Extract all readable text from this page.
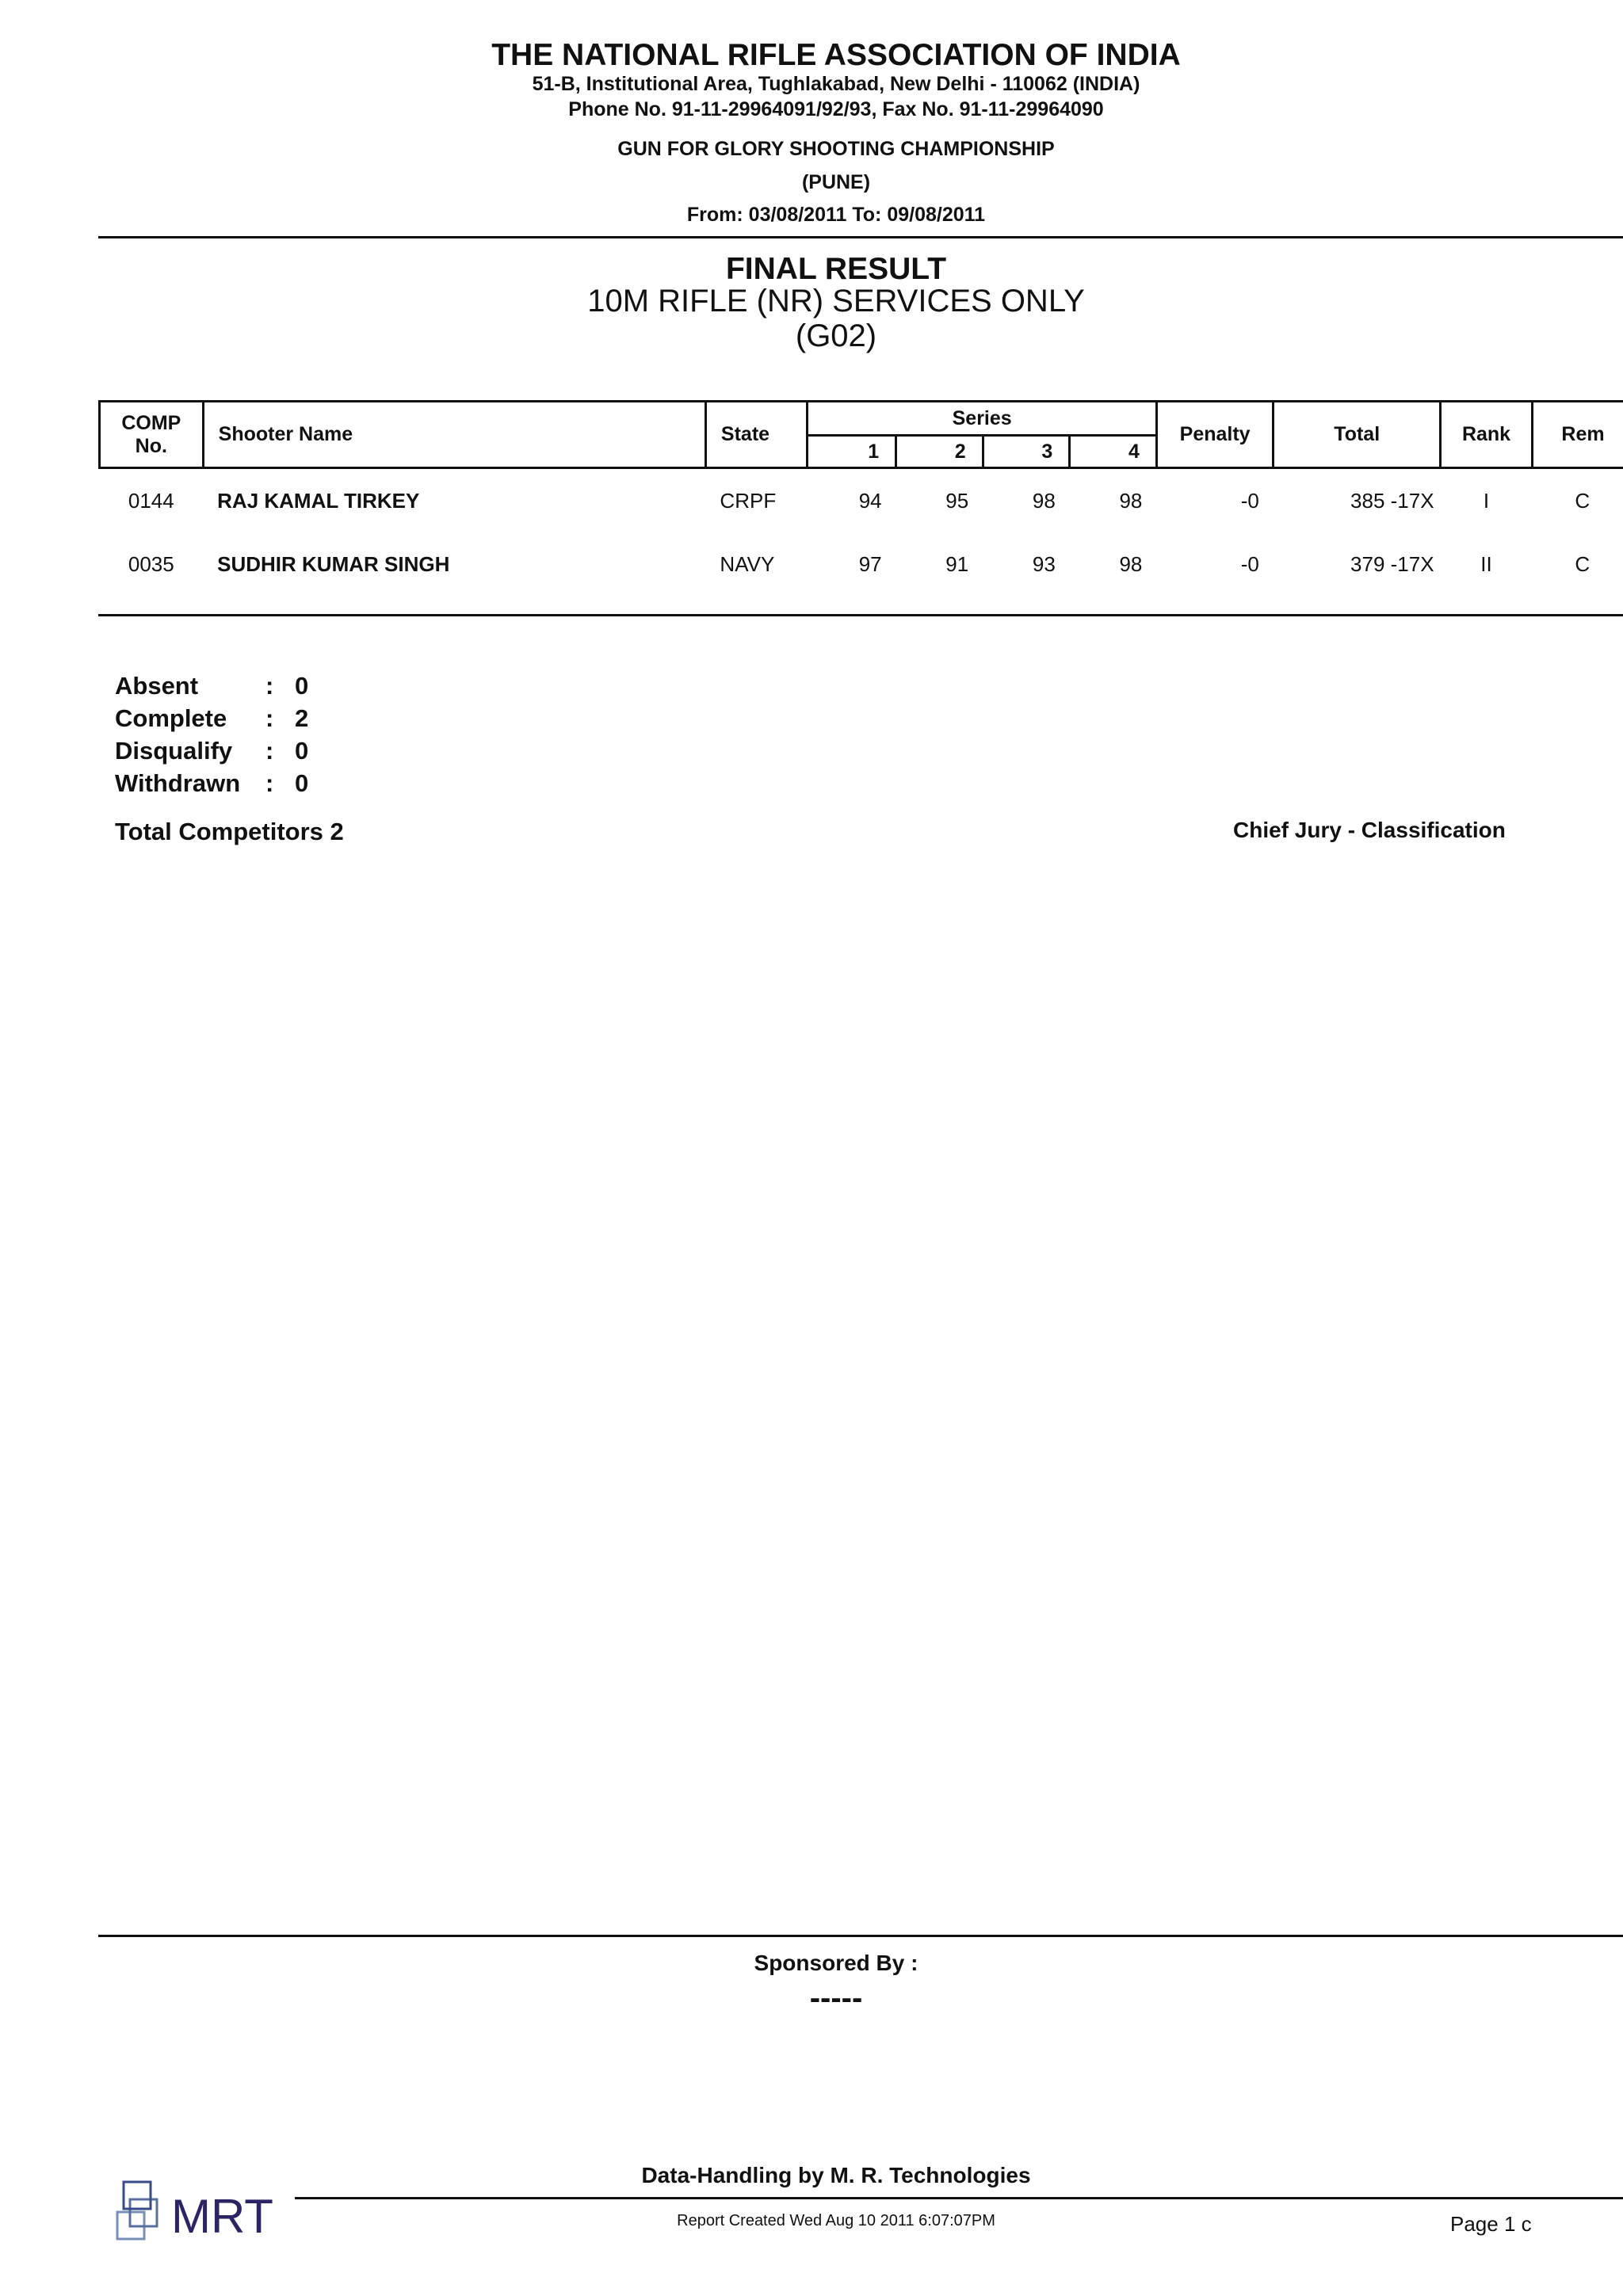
THE NATIONAL RIFLE ASSOCIATION OF INDIA
51-B, Institutional Area, Tughlakabad, New Delhi - 110062 (INDIA)
Phone No. 91-11-29964091/92/93, Fax No. 91-11-29964090
GUN FOR GLORY SHOOTING CHAMPIONSHIP
(PUNE)
From: 03/08/2011 To: 09/08/2011
FINAL RESULT
10M RIFLE (NR) SERVICES ONLY
(G02)
COMP
No.	Shooter Name	State	Series				Penalty	Total	Rank	Rem
			1	2	3	4				
0144	RAJ KAMAL TIRKEY	CRPF	94	95	98	98	-0	385 -17X	I	C
0035	SUDHIR KUMAR SINGH	NAVY	97	91	93	98	-0	379 -17X	II	C
Absent	: 0
Complete : 2
Disqualify : 0
Withdrawn : 0
Total Competitors 2	Chief Jury - Classification
Sponsored By :
-----
Data-Handling by M. R. Technologies
Report Created Wed Aug 10 2011 6:07:07PM	Page 1 c
MRT
